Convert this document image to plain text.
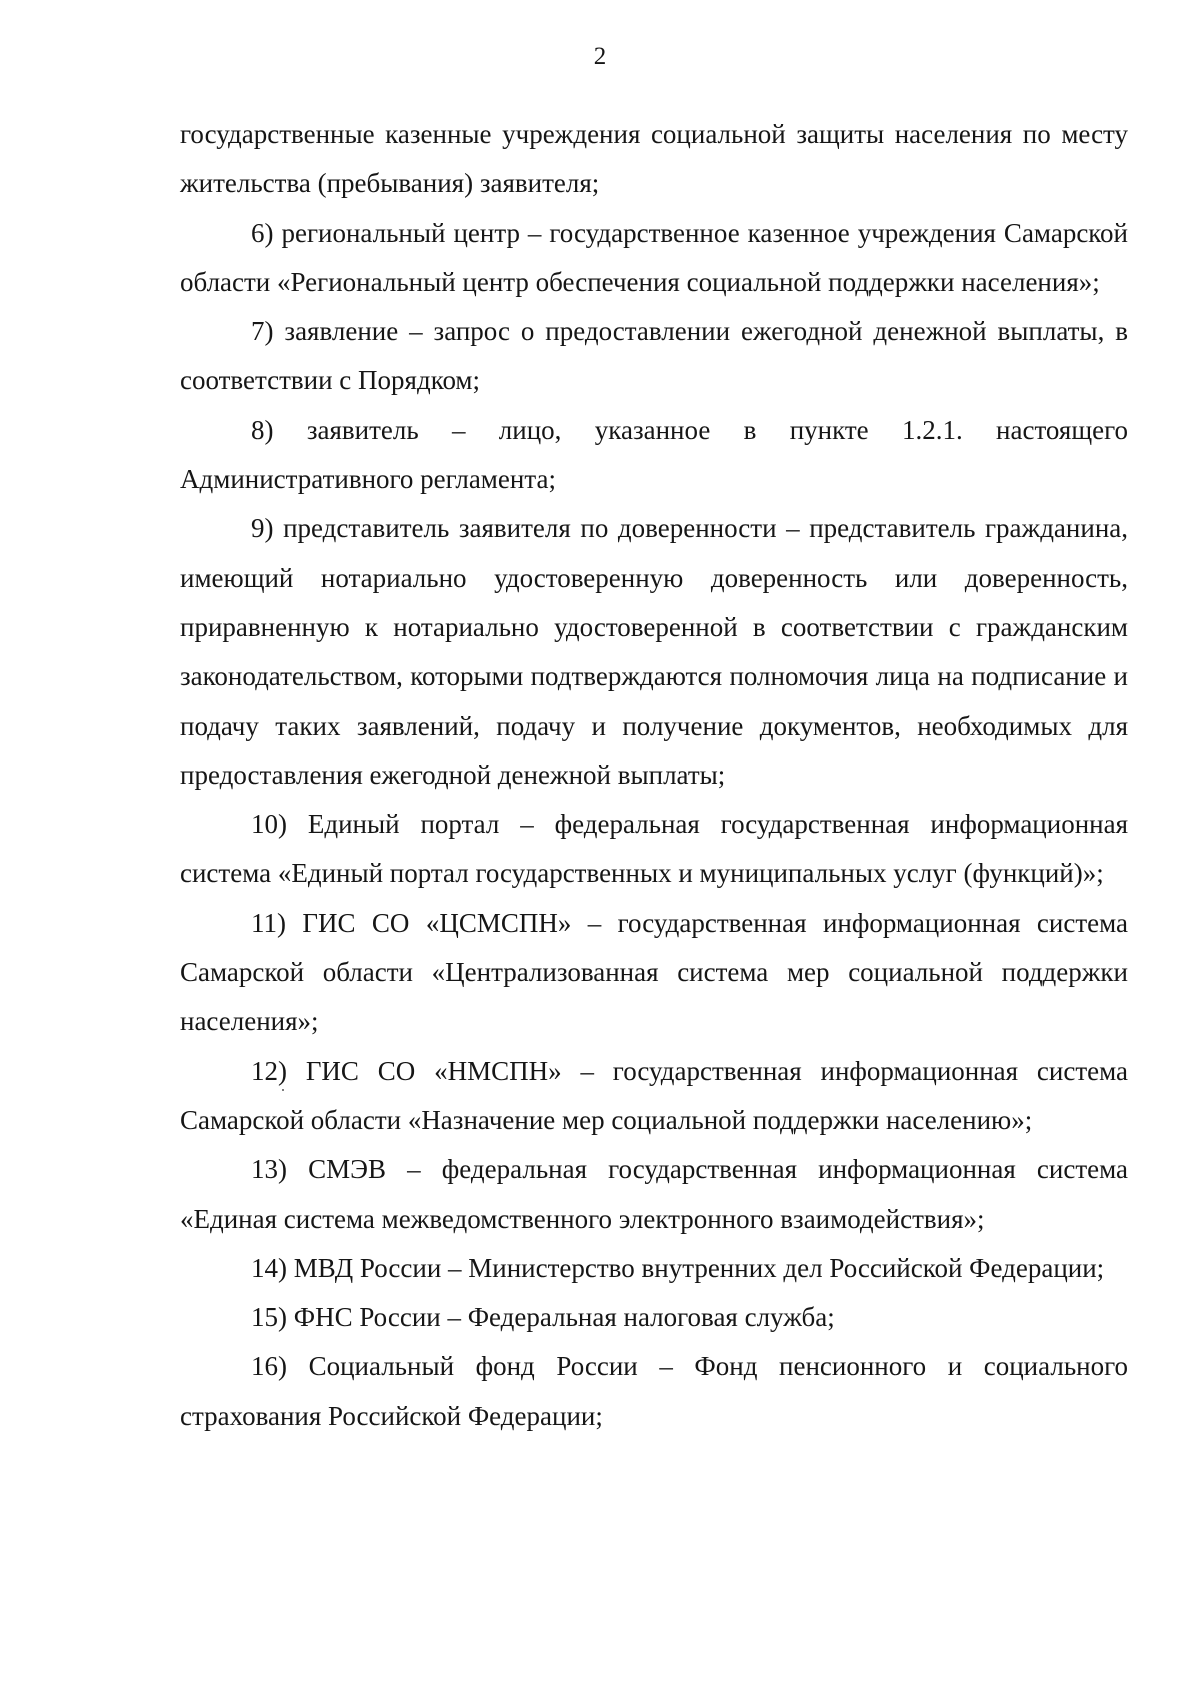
2

государственные казенные учреждения социальной защиты населения по месту жительства (пребывания) заявителя;

6) региональный центр – государственное казенное учреждения Самарской области «Региональный центр обеспечения социальной поддержки населения»;

7) заявление – запрос о предоставлении ежегодной денежной выплаты, в соответствии с Порядком;

8) заявитель – лицо, указанное в пункте 1.2.1. настоящего Административного регламента;

9) представитель заявителя по доверенности – представитель гражданина, имеющий нотариально удостоверенную доверенность или доверенность, приравненную к нотариально удостоверенной в соответствии с гражданским законодательством, которыми подтверждаются полномочия лица на подписание и подачу таких заявлений, подачу и получение документов, необходимых для предоставления ежегодной денежной выплаты;

10) Единый портал – федеральная государственная информационная система «Единый портал государственных и муниципальных услуг (функций)»;

11) ГИС СО «ЦСМСПН» – государственная информационная система Самарской области «Централизованная система мер социальной поддержки населения»;

12) ГИС СО «НМСПН» – государственная информационная система Самарской области «Назначение мер социальной поддержки населению»;

13) СМЭВ – федеральная государственная информационная система «Единая система межведомственного электронного взаимодействия»;

14) МВД России – Министерство внутренних дел Российской Федерации;

15) ФНС России – Федеральная налоговая служба;

16) Социальный фонд России – Фонд пенсионного и социального страхования Российской Федерации;
